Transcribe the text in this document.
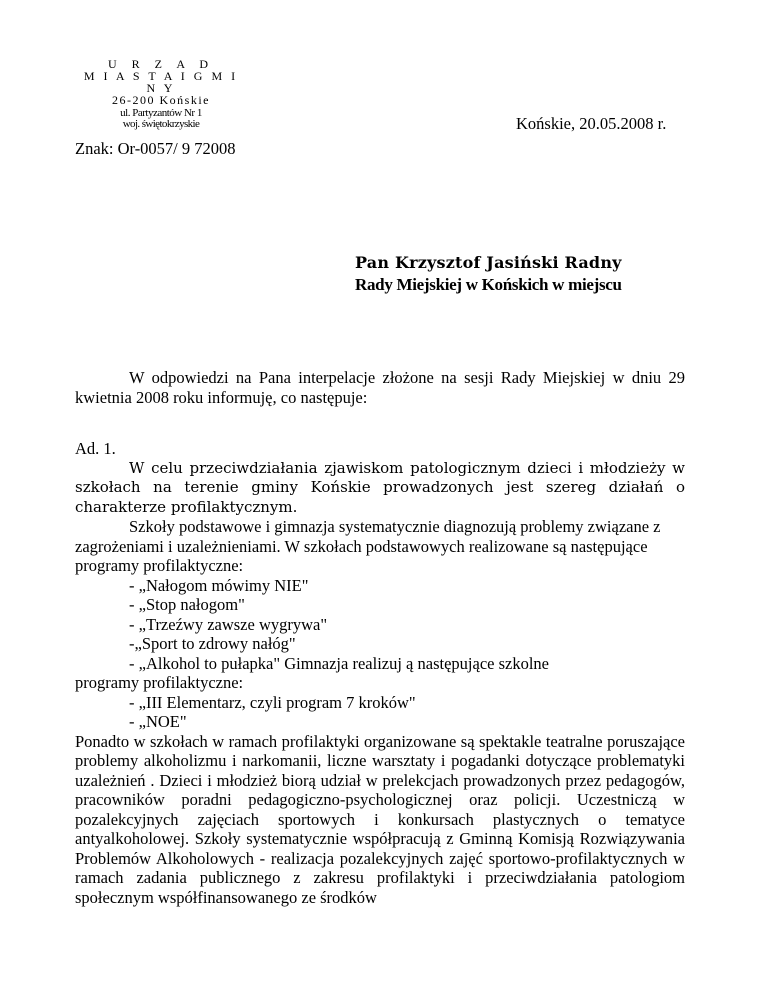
U R Z A D
M I A S T A I G M I N Y
26-200 Końskie
ul. Partyzantów Nr 1
woj. świętokrzyskie	Końskie, 20.05.2008 r.
Znak: Or-0057/ 9 72008
Pan Krzysztof Jasiński Radny
Rady Miejskiej w Końskich w miejscu

W odpowiedzi na Pana interpelacje złożone na sesji Rady Miejskiej w dniu 29 kwietnia 2008 roku informuję, co następuje:

Ad. 1.

W celu przeciwdziałania zjawiskom patologicznym dzieci i młodzieży w szkołach na terenie gminy Końskie prowadzonych jest szereg działań o charakterze profilaktycznym.

Szkoły podstawowe i gimnazja systematycznie diagnozują problemy związane z zagrożeniami i uzależnieniami. W szkołach podstawowych realizowane są następujące programy profilaktyczne:

- „Nałogom mówimy NIE"

- „Stop nałogom"

- „Trzeźwy zawsze wygrywa"

-„Sport to zdrowy nałóg"

- „Alkohol to pułapka" Gimnazja realizuj ą następujące szkolne

programy profilaktyczne:

- „III Elementarz, czyli program 7 kroków"

- „NOE"

Ponadto w szkołach w ramach profilaktyki organizowane są spektakle teatralne poruszające problemy alkoholizmu i narkomanii, liczne warsztaty i pogadanki dotyczące problematyki uzależnień . Dzieci i młodzież biorą udział w prelekcjach prowadzonych przez pedagogów, pracowników poradni pedagogiczno-psychologicznej oraz policji. Uczestniczą w pozalekcyjnych zajęciach sportowych i konkursach plastycznych o tematyce antyalkoholowej. Szkoły systematycznie współpracują z Gminną Komisją Rozwiązywania Problemów Alkoholowych - realizacja pozalekcyjnych zajęć sportowo-profilaktycznych w ramach zadania publicznego z zakresu profilaktyki i przeciwdziałania patologiom społecznym współfinansowanego ze środków
